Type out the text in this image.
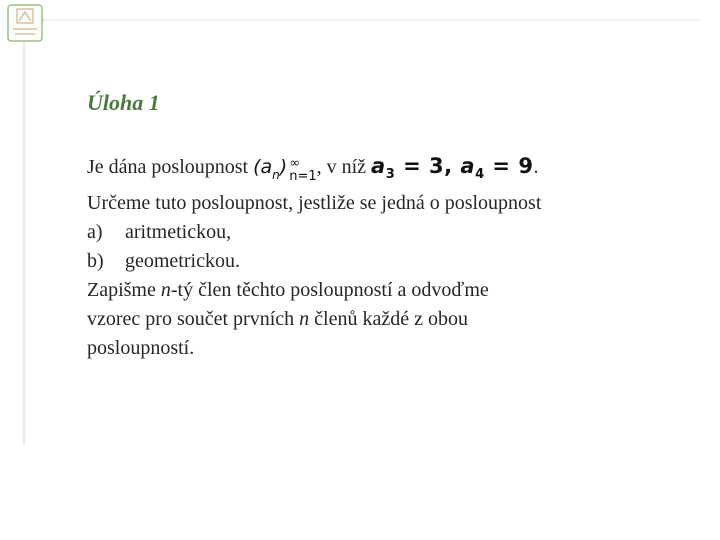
Úloha 1
Je dána posloupnost $(a_n)$ ∞
n=1 , v níž $a_3 = 3$, $a_4 = 9$.
Určeme tuto posloupnost, jestliže se jedná o posloupnost
a) aritmetickou,
b) geometrickou.
Zapišme n-tý člen těchto posloupností a odvoďme
vzorec pro součet prvních n členů každé z obou
posloupností.
